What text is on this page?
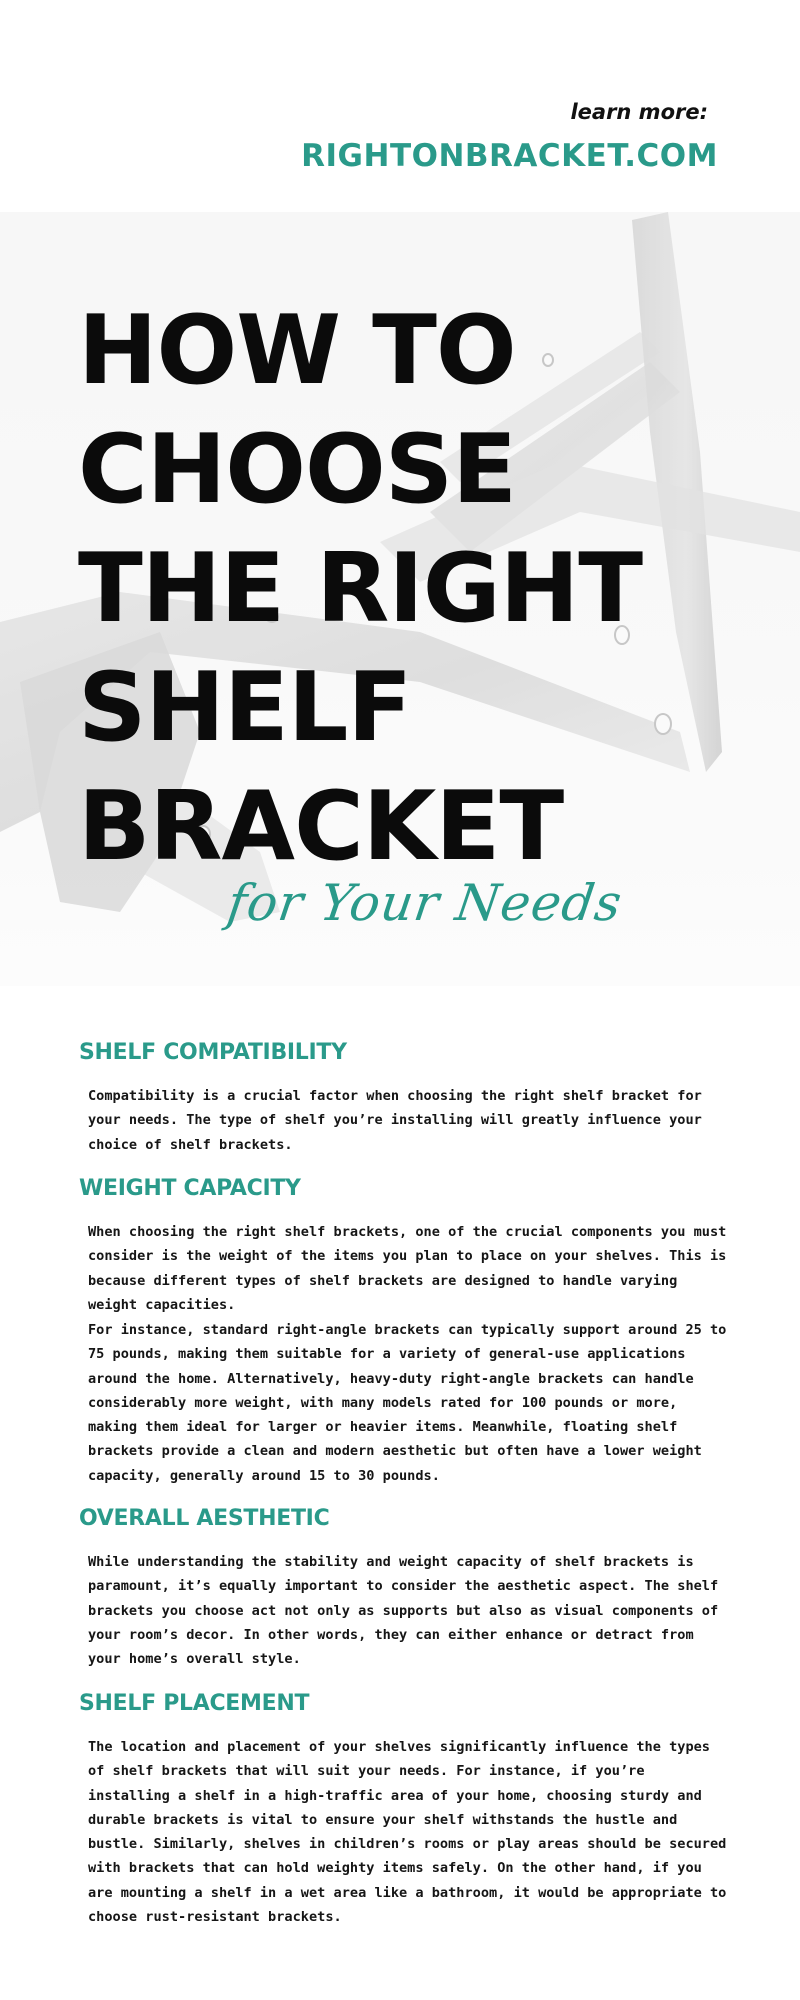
learn more:

RIGHTONBRACKET.COM

HOW TO
CHOOSE
THE RIGHT
SHELF
BRACKET

for Your Needs

SHELF COMPATIBILITY

Compatibility is a crucial factor when choosing the right shelf bracket for your needs. The type of shelf you’re installing will greatly influence your choice of shelf brackets.

WEIGHT CAPACITY

When choosing the right shelf brackets, one of the crucial components you must consider is the weight of the items you plan to place on your shelves. This is because different types of shelf brackets are designed to handle varying weight capacities.

For instance, standard right-angle brackets can typically support around 25 to 75 pounds, making them suitable for a variety of general-use applications around the home. Alternatively, heavy-duty right-angle brackets can handle considerably more weight, with many models rated for 100 pounds or more, making them ideal for larger or heavier items. Meanwhile, floating shelf brackets provide a clean and modern aesthetic but often have a lower weight capacity, generally around 15 to 30 pounds.

OVERALL AESTHETIC

While understanding the stability and weight capacity of shelf brackets is paramount, it’s equally important to consider the aesthetic aspect. The shelf brackets you choose act not only as supports but also as visual components of your room’s decor. In other words, they can either enhance or detract from your home’s overall style.

SHELF PLACEMENT

The location and placement of your shelves significantly influence the types of shelf brackets that will suit your needs. For instance, if you’re installing a shelf in a high-traffic area of your home, choosing sturdy and durable brackets is vital to ensure your shelf withstands the hustle and bustle. Similarly, shelves in children’s rooms or play areas should be secured with brackets that can hold weighty items safely. On the other hand, if you are mounting a shelf in a wet area like a bathroom, it would be appropriate to choose rust-resistant brackets.
